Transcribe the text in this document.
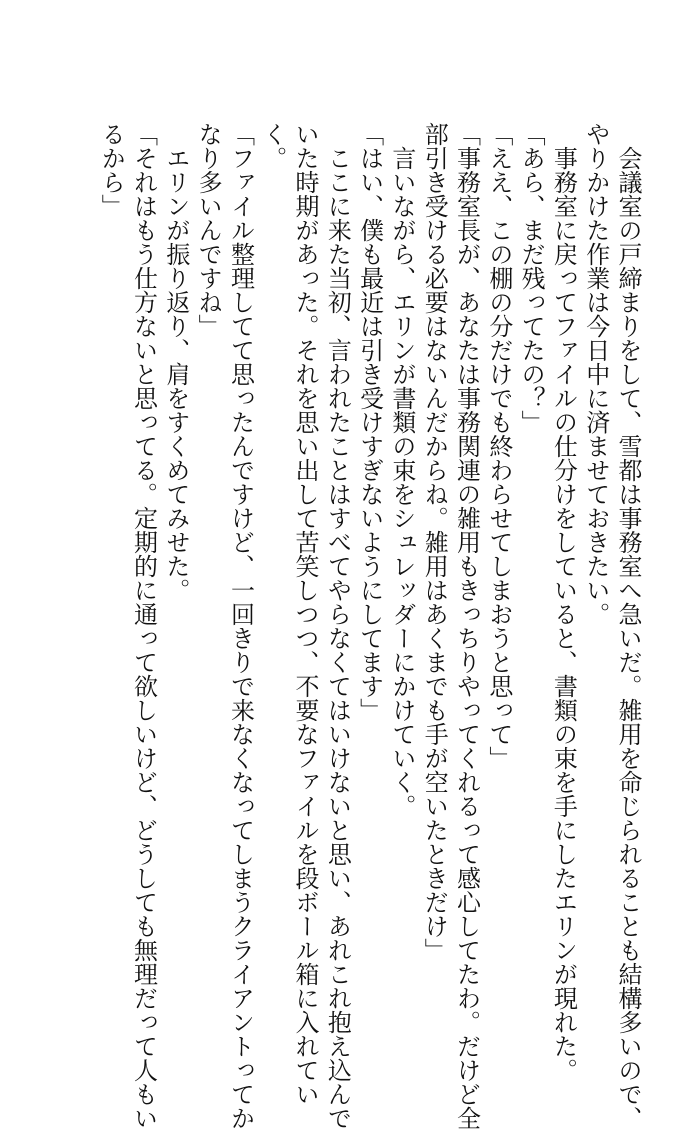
　会議室の戸締まりをして、雪都は事務室へ急いだ。雑用を命じられることも結構多いので、
やりかけた作業は今日中に済ませておきたい。
　事務室に戻ってファイルの仕分けをしていると、書類の束を手にしたエリンが現れた。
「あら、まだ残ってたの？」
「ええ、この棚の分だけでも終わらせてしまおうと思って」
「事務室長が、あなたは事務関連の雑用もきっちりやってくれるって感心してたわ。だけど全
部引き受ける必要はないんだからね。雑用はあくまでも手が空いたときだけ」
　言いながら、エリンが書類の束をシュレッダーにかけていく。
「はい、僕も最近は引き受けすぎないようにしてます」
　ここに来た当初、言われたことはすべてやらなくてはいけないと思い、あれこれ抱え込んで
いた時期があった。それを思い出して苦笑しつつ、不要なファイルを段ボール箱に入れてい
く。
「ファイル整理してて思ったんですけど、一回きりで来なくなってしまうクライアントってか
なり多いんですね」
　エリンが振り返り、肩をすくめてみせた。
「それはもう仕方ないと思ってる。定期的に通って欲しいけど、どうしても無理だって人もい
るから」
